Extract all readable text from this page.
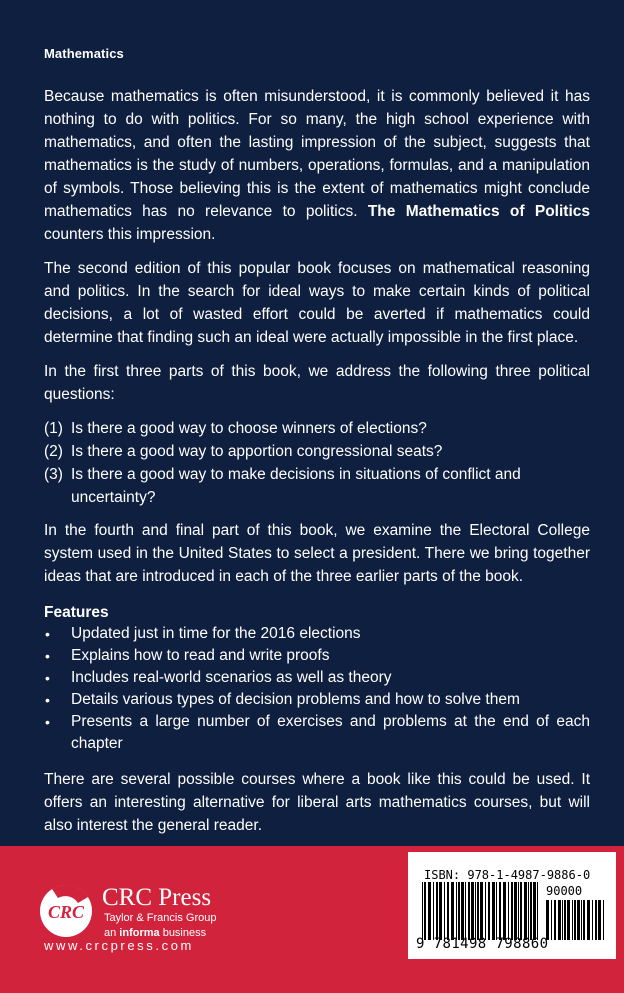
Mathematics

Because mathematics is often misunderstood, it is commonly believed it has nothing to do with politics. For so many, the high school experience with mathematics, and often the lasting impression of the subject, suggests that mathematics is the study of numbers, operations, formulas, and a manipulation of symbols. Those believing this is the extent of mathematics might conclude mathematics has no relevance to politics. The Mathematics of Politics counters this impression.

The second edition of this popular book focuses on mathematical reasoning and politics. In the search for ideal ways to make certain kinds of political decisions, a lot of wasted effort could be averted if mathematics could determine that finding such an ideal were actually impossible in the first place.

In the first three parts of this book, we address the following three political questions:

(1) Is there a good way to choose winners of elections?
(2) Is there a good way to apportion congressional seats?
(3) Is there a good way to make decisions in situations of conflict and uncertainty?

In the fourth and final part of this book, we examine the Electoral College system used in the United States to select a president. There we bring together ideas that are introduced in each of the three earlier parts of the book.

Features
• Updated just in time for the 2016 elections
• Explains how to read and write proofs
• Includes real-world scenarios as well as theory
• Details various types of decision problems and how to solve them
• Presents a large number of exercises and problems at the end of each chapter

There are several possible courses where a book like this could be used. It offers an interesting alternative for liberal arts mathematics courses, but will also interest the general reader.

CRC
CRC Press
Taylor & Francis Group
an informa business
www.crcpress.com
ISBN: 978-1-4987-9886-0
90000
9 781498 798860
